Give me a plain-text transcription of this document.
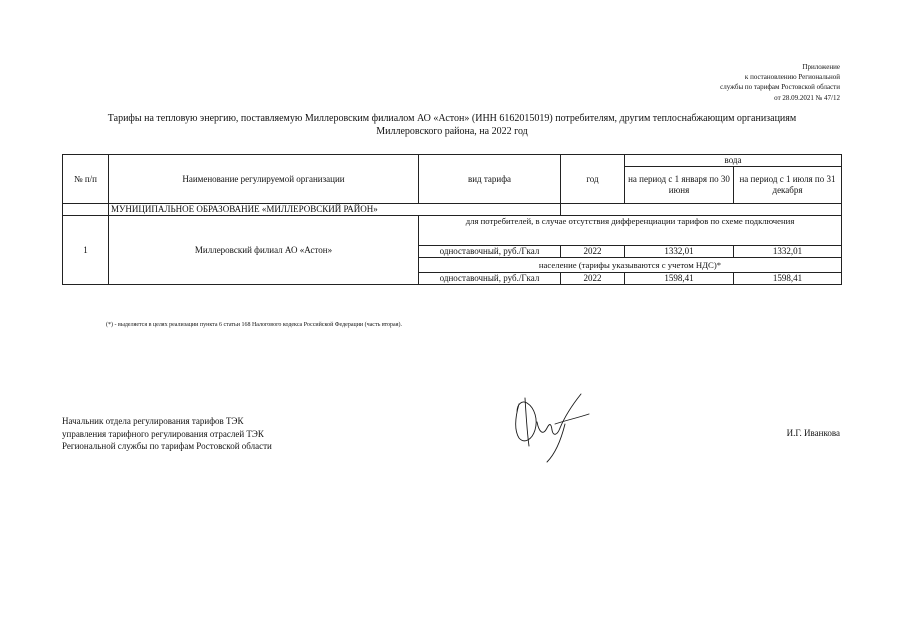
Приложение
к постановлению Региональной
службы по тарифам Ростовской области
от 28.09.2021 № 47/12
Тарифы на тепловую энергию, поставляемую Миллеровским филиалом АО «Астон» (ИНН 6162015019) потребителям, другим теплоснабжающим организациям
Миллеровского района, на 2022 год
№ п/п	Наименование регулируемой организации	вид тарифа	год	вода	
				на период с 1 января по 30 июня	на период с 1 июля по 31 декабря
	МУНИЦИПАЛЬНОЕ ОБРАЗОВАНИЕ «МИЛЛЕРОВСКИЙ РАЙОН»				
1	Миллеровский филиал АО «Астон»	для потребителей, в случае отсутствия дифференциации тарифов по схеме подключения			
		одноставочный, руб./Гкал	2022	1332,01	1332,01
		население (тарифы указываются с учетом НДС)*			
		одноставочный, руб./Гкал	2022	1598,41	1598,41
(*) - выделяется в целях реализации пункта 6 статьи 168 Налогового кодекса Российской Федерации (часть вторая).
Начальник отдела регулирования тарифов ТЭК
управления тарифного регулирования отраслей ТЭК
Региональной службы по тарифам Ростовской области
И.Г. Иванкова
